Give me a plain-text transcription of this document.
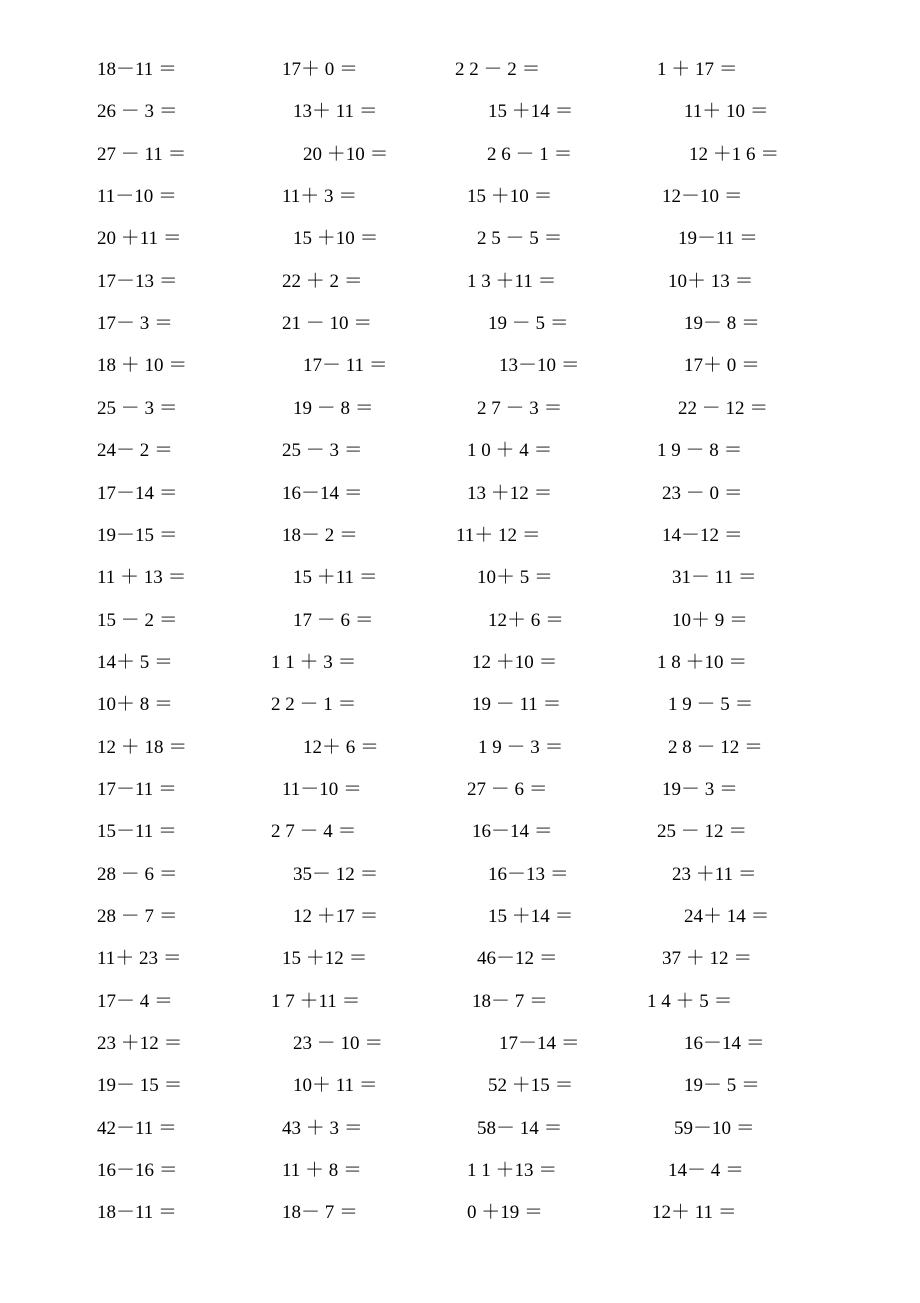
18－11 ＝	17＋ 0 ＝	2 2 － 2 ＝	1 ＋ 17 ＝
26 － 3 ＝	13＋ 11 ＝	15 ＋14 ＝	11＋ 10 ＝
27 － 11 ＝	20 ＋10 ＝	2 6 － 1 ＝	12 ＋1 6 ＝
11－10 ＝	11＋ 3 ＝	15 ＋10 ＝	12－10 ＝
20 ＋11 ＝	15 ＋10 ＝	2 5 － 5 ＝	19－11 ＝
17－13 ＝	22 ＋ 2 ＝	1 3 ＋11 ＝	10＋ 13 ＝
17－ 3 ＝	21 － 10 ＝	19 － 5 ＝	19－ 8 ＝
18 ＋ 10 ＝	17－ 11 ＝	13－10 ＝	17＋ 0 ＝
25 － 3 ＝	19 － 8 ＝	2 7 － 3 ＝	22 － 12 ＝
24－ 2 ＝	25 － 3 ＝	1 0 ＋ 4 ＝	1 9 － 8 ＝
17－14 ＝	16－14 ＝	13 ＋12 ＝	23 － 0 ＝
19－15 ＝	18－ 2 ＝	11＋ 12 ＝	14－12 ＝
11 ＋ 13 ＝	15 ＋11 ＝	10＋ 5 ＝	31－ 11 ＝
15 － 2 ＝	17 － 6 ＝	12＋ 6 ＝	10＋ 9 ＝
14＋ 5 ＝	1 1 ＋ 3 ＝	12 ＋10 ＝	1 8 ＋10 ＝
10＋ 8 ＝	2 2 － 1 ＝	19 － 11 ＝	1 9 － 5 ＝
12 ＋ 18 ＝	12＋ 6 ＝	1 9 － 3 ＝	2 8 － 12 ＝
17－11 ＝	11－10 ＝	27 － 6 ＝	19－ 3 ＝
15－11 ＝	2 7 － 4 ＝	16－14 ＝	25 － 12 ＝
28 － 6 ＝	35－ 12 ＝	16－13 ＝	23 ＋11 ＝
28 － 7 ＝	12 ＋17 ＝	15 ＋14 ＝	24＋ 14 ＝
11＋ 23 ＝	15 ＋12 ＝	46－12 ＝	37 ＋ 12 ＝
17－ 4 ＝	1 7 ＋11 ＝	18－ 7 ＝	1 4 ＋ 5 ＝
23 ＋12 ＝	23 － 10 ＝	17－14 ＝	16－14 ＝
19－ 15 ＝	10＋ 11 ＝	52 ＋15 ＝	19－ 5 ＝
42－11 ＝	43 ＋ 3 ＝	58－ 14 ＝	59－10 ＝
16－16 ＝	11 ＋ 8 ＝	1 1 ＋13 ＝	14－ 4 ＝
18－11 ＝	18－ 7 ＝	0 ＋19 ＝	12＋ 11 ＝
